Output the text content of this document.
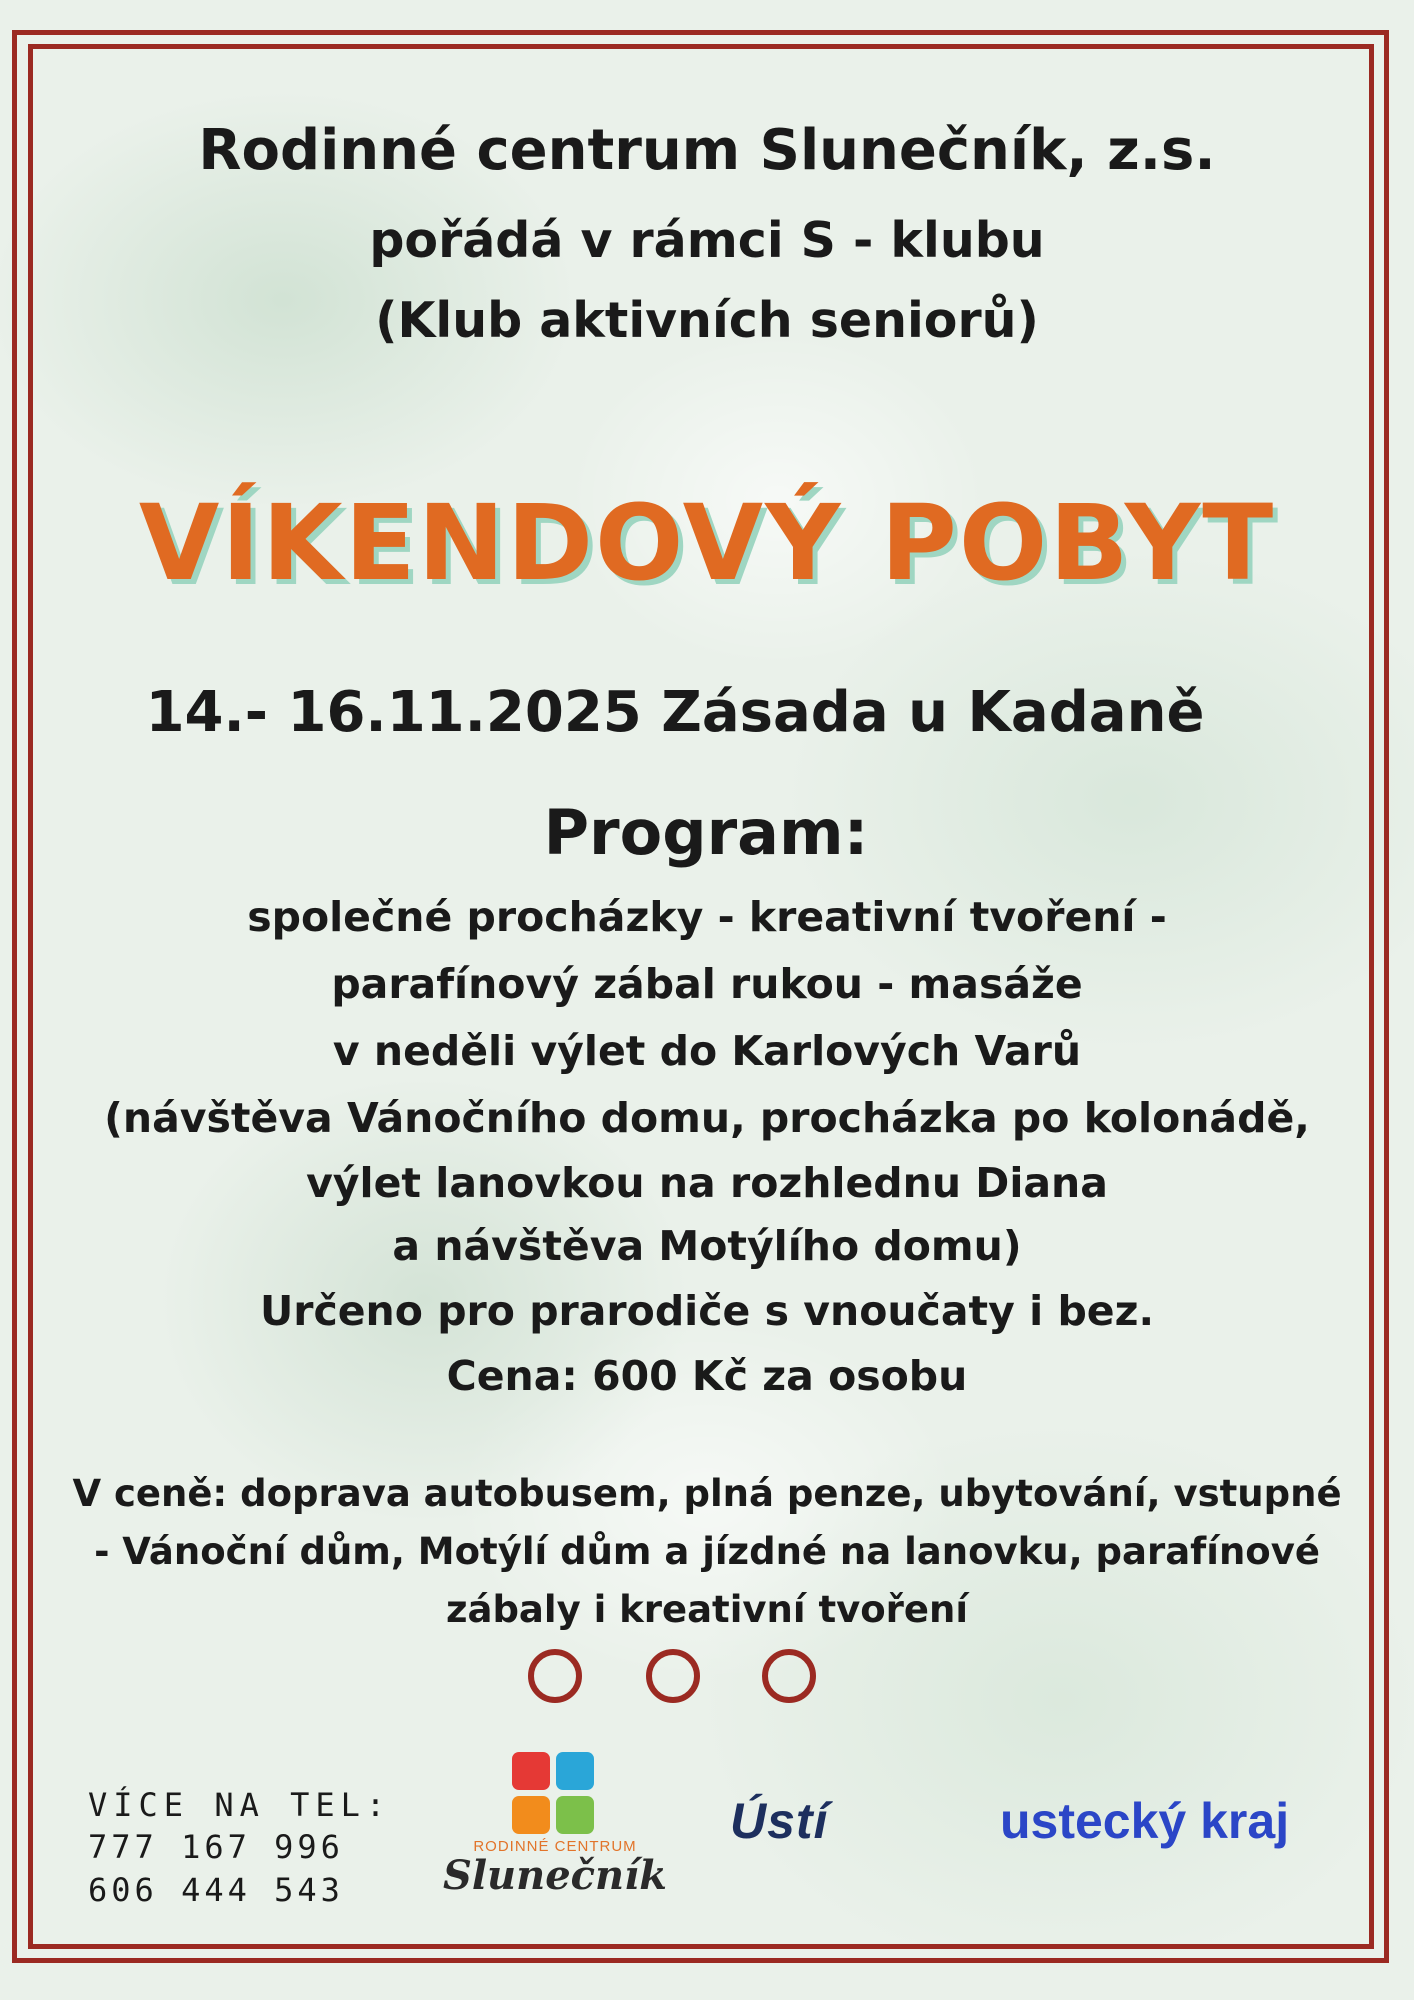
Rodinné centrum Slunečník, z.s.
pořádá v rámci S - klubu
(Klub aktivních seniorů)
VÍKENDOVÝ POBYT
14.- 16.11.2025 Zásada u Kadaně
Program:
společné procházky - kreativní tvoření -
parafínový zábal rukou - masáže
v neděli výlet do Karlových Varů
(návštěva Vánočního domu, procházka po kolonádě,
výlet lanovkou na rozhlednu Diana
a návštěva Motýlího domu)
Určeno pro prarodiče s vnoučaty i bez.
Cena: 600 Kč za osobu
V ceně: doprava autobusem, plná penze, ubytování, vstupné
- Vánoční dům, Motýlí dům a jízdné na lanovku, parafínové
zábaly i kreativní tvoření
VÍCE NA TEL:
777 167 996
606 444 543
RODINNÉ CENTRUM
Slunečník
Ústí	ustecký kraj
